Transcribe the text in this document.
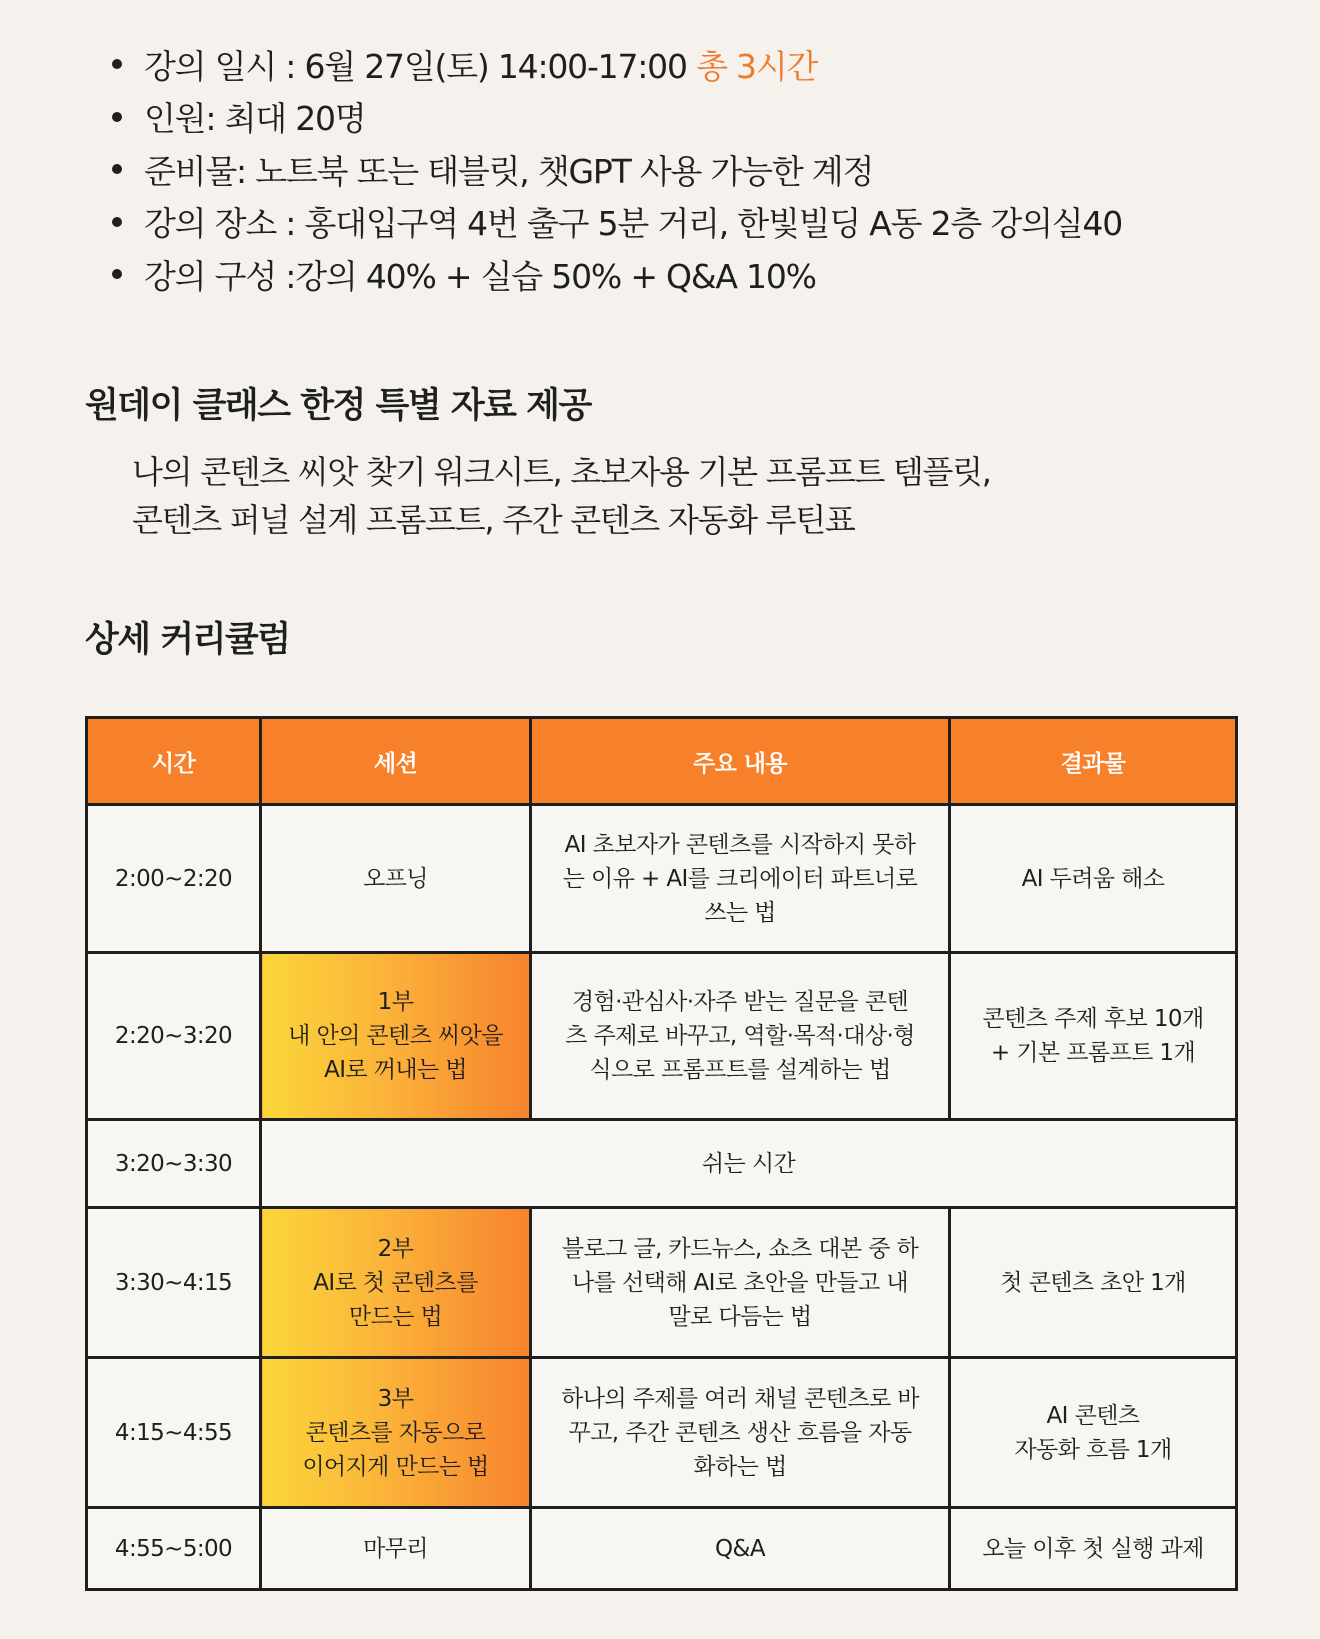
강의 일시 : 6월 27일(토) 14:00-17:00 총 3시간
인원: 최대 20명
준비물: 노트북 또는 태블릿, 챗GPT 사용 가능한 계정
강의 장소 : 홍대입구역 4번 출구 5분 거리, 한빛빌딩 A동 2층 강의실40
강의 구성 :강의 40% + 실습 50% + Q&A 10%
원데이 클래스 한정 특별 자료 제공
나의 콘텐츠 씨앗 찾기 워크시트, 초보자용 기본 프롬프트 템플릿,
콘텐츠 퍼널 설계 프롬프트, 주간 콘텐츠 자동화 루틴표
상세 커리큘럼
시간	세션	주요 내용	결과물
2:00~2:20	오프닝	AI 초보자가 콘텐츠를 시작하지 못하
는 이유 + AI를 크리에이터 파트너로
쓰는 법	AI 두려움 해소

2:20~3:20	1부
내 안의 콘텐츠 씨앗을
AI로 꺼내는 법	경험·관심사·자주 받는 질문을 콘텐
츠 주제로 바꾸고, 역할·목적·대상·형
식으로 프롬프트를 설계하는 법	콘텐츠 주제 후보 10개
+ 기본 프롬프트 1개

3:20~3:30	쉬는 시간		
3:30~4:15	2부
AI로 첫 콘텐츠를
만드는 법	블로그 글, 카드뉴스, 쇼츠 대본 중 하
나를 선택해 AI로 초안을 만들고 내
말로 다듬는 법	첫 콘텐츠 초안 1개

4:15~4:55	3부
콘텐츠를 자동으로
이어지게 만드는 법	하나의 주제를 여러 채널 콘텐츠로 바
꾸고, 주간 콘텐츠 생산 흐름을 자동
화하는 법	AI 콘텐츠
자동화 흐름 1개

4:55~5:00	마무리	Q&A	오늘 이후 첫 실행 과제
